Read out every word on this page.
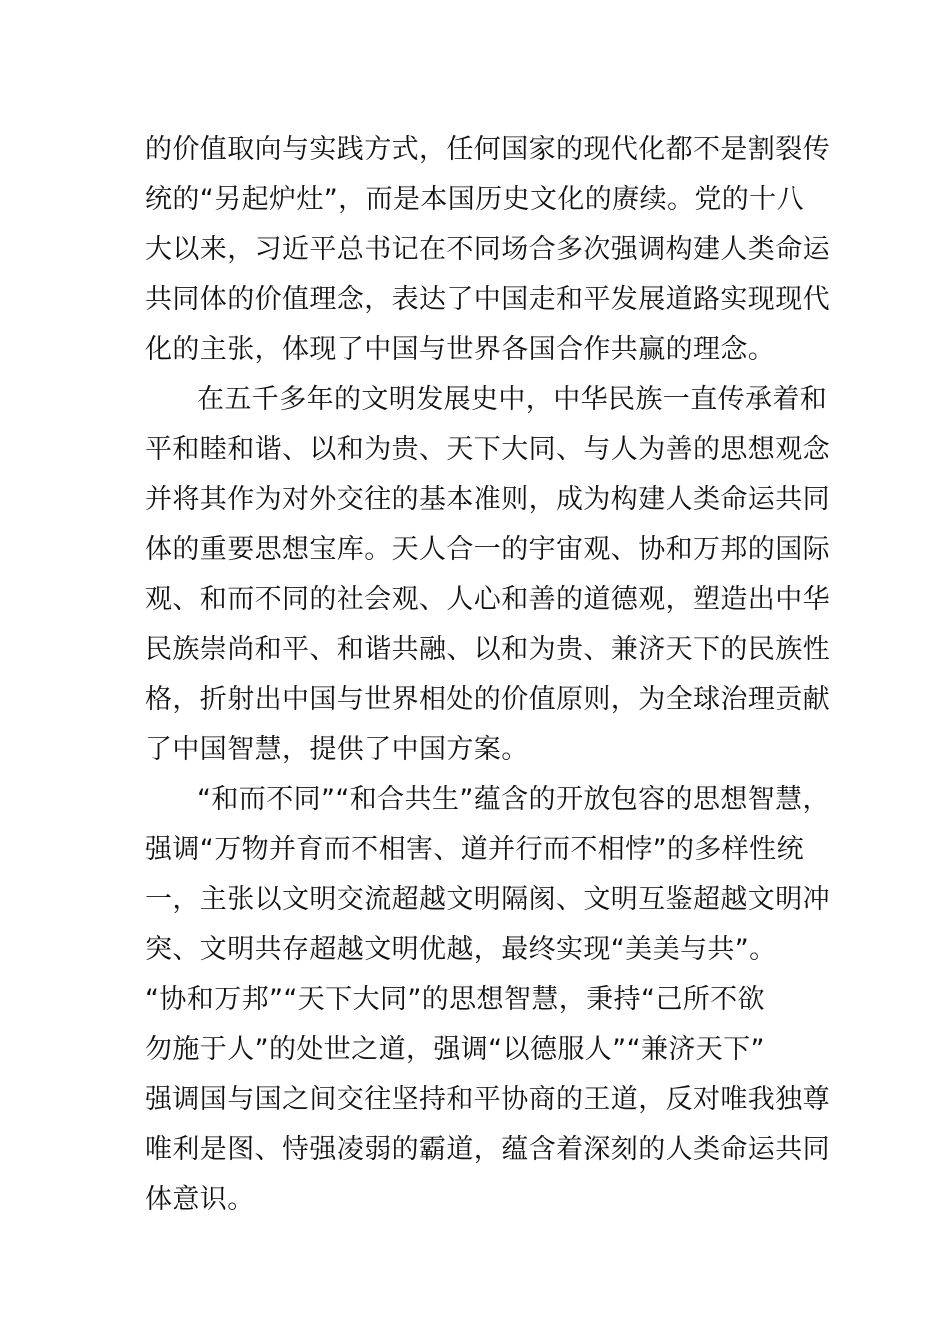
的价值取向与实践方式，任何国家的现代化都不是割裂传
统的“另起炉灶”，而是本国历史文化的赓续。党的十八
大以来，习近平总书记在不同场合多次强调构建人类命运
共同体的价值理念，表达了中国走和平发展道路实现现代
化的主张，体现了中国与世界各国合作共赢的理念。
在五千多年的文明发展史中，中华民族一直传承着和
平和睦和谐、以和为贵、天下大同、与人为善的思想观念
并将其作为对外交往的基本准则，成为构建人类命运共同
体的重要思想宝库。天人合一的宇宙观、协和万邦的国际
观、和而不同的社会观、人心和善的道德观，塑造出中华
民族崇尚和平、和谐共融、以和为贵、兼济天下的民族性
格，折射出中国与世界相处的价值原则，为全球治理贡献
了中国智慧，提供了中国方案。
“和而不同”“和合共生”蕴含的开放包容的思想智慧，
强调“万物并育而不相害、道并行而不相悖”的多样性统
一，主张以文明交流超越文明隔阂、文明互鉴超越文明冲
突、文明共存超越文明优越，最终实现“美美与共”。
“协和万邦”“天下大同”的思想智慧，秉持“己所不欲
勿施于人”的处世之道，强调“以德服人”“兼济天下”
强调国与国之间交往坚持和平协商的王道，反对唯我独尊
唯利是图、恃强凌弱的霸道，蕴含着深刻的人类命运共同
体意识。
